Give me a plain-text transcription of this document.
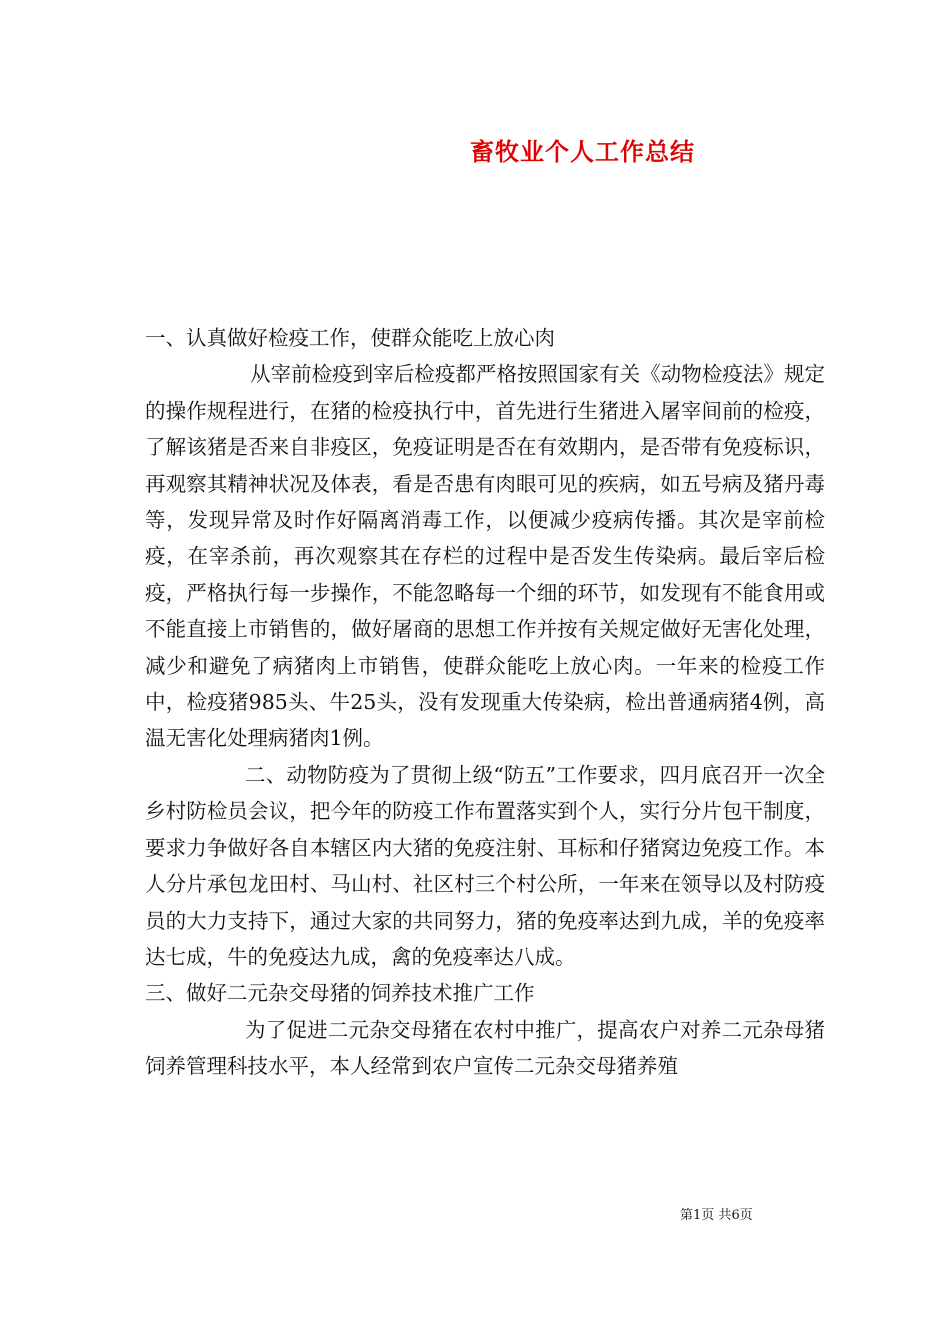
畜牧业个人工作总结

一、认真做好检疫工作，使群众能吃上放心肉

从宰前检疫到宰后检疫都严格按照国家有关《动物检疫法》规定的操作规程进行，在猪的检疫执行中，首先进行生猪进入屠宰间前的检疫，了解该猪是否来自非疫区，免疫证明是否在有效期内，是否带有免疫标识，再观察其精神状况及体表，看是否患有肉眼可见的疾病，如五号病及猪丹毒等，发现异常及时作好隔离消毒工作，以便减少疫病传播。其次是宰前检疫，在宰杀前，再次观察其在存栏的过程中是否发生传染病。最后宰后检疫，严格执行每一步操作，不能忽略每一个细的环节，如发现有不能食用或不能直接上市销售的，做好屠商的思想工作并按有关规定做好无害化处理，减少和避免了病猪肉上市销售，使群众能吃上放心肉。一年来的检疫工作中，检疫猪985头、牛25头，没有发现重大传染病，检出普通病猪4例，高温无害化处理病猪肉1例。

二、动物防疫为了贯彻上级“防五”工作要求，四月底召开一次全乡村防检员会议，把今年的防疫工作布置落实到个人，实行分片包干制度，要求力争做好各自本辖区内大猪的免疫注射、耳标和仔猪窝边免疫工作。本人分片承包龙田村、马山村、社区村三个村公所，一年来在领导以及村防疫员的大力支持下，通过大家的共同努力，猪的免疫率达到九成，羊的免疫率达七成，牛的免疫达九成，禽的免疫率达八成。

三、做好二元杂交母猪的饲养技术推广工作

为了促进二元杂交母猪在农村中推广，提高农户对养二元杂母猪饲养管理科技水平，本人经常到农户宣传二元杂交母猪养殖

第1页 共6页
